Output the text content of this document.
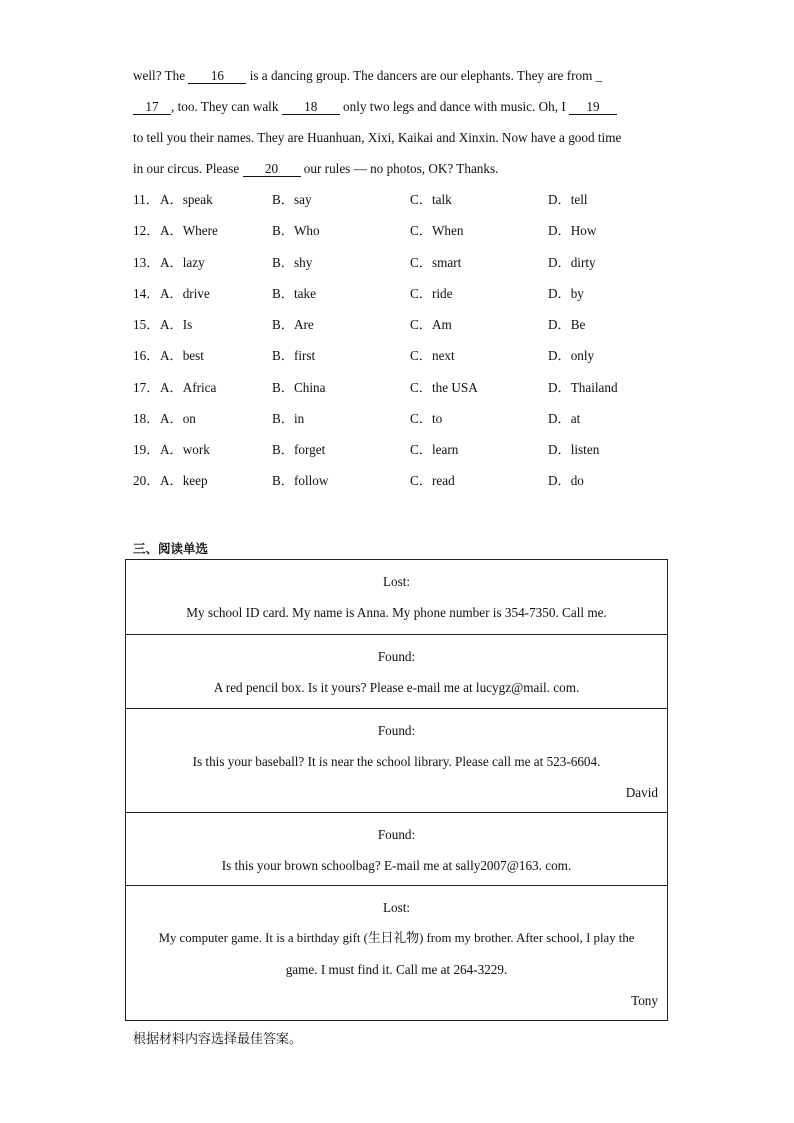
well? The 16 is a dancing group. The dancers are our elephants. They are from _
17 , too. They can walk 18 only two legs and dance with music. Oh, I 19
to tell you their names. They are Huanhuan, Xixi, Kaikai and Xinxin. Now have a good time
in our circus. Please 20 our rules — no photos, OK? Thanks.
11． A．speak	B．say	C．talk	D．tell
12． A．Where	B．Who	C．When	D．How
13． A．lazy	B．shy	C．smart	D．dirty
14． A．drive	B．take	C．ride	D．by
15． A．Is	B．Are	C．Am	D．Be
16． A．best	B．first	C．next	D．only
17． A．Africa	B．China	C．the USA	D．Thailand
18． A．on	B．in	C．to	D．at
19． A．work	B．forget	C．learn	D．listen
20． A．keep	B．follow	C．read	D．do
三、阅读单选
Lost:
My school ID card. My name is Anna. My phone number is 354-7350. Call me.
Found:
A red pencil box. Is it yours? Please e-mail me at lucygz@mail. com.
Found:
Is this your baseball? It is near the school library. Please call me at 523-6604.
David
Found:
Is this your brown schoolbag? E-mail me at sally2007@163. com.
Lost:
My computer game. It is a birthday gift (生日礼物) from my brother. After school, I play the
game. I must find it. Call me at 264-3229.
Tony
根据材料内容选择最佳答案。
